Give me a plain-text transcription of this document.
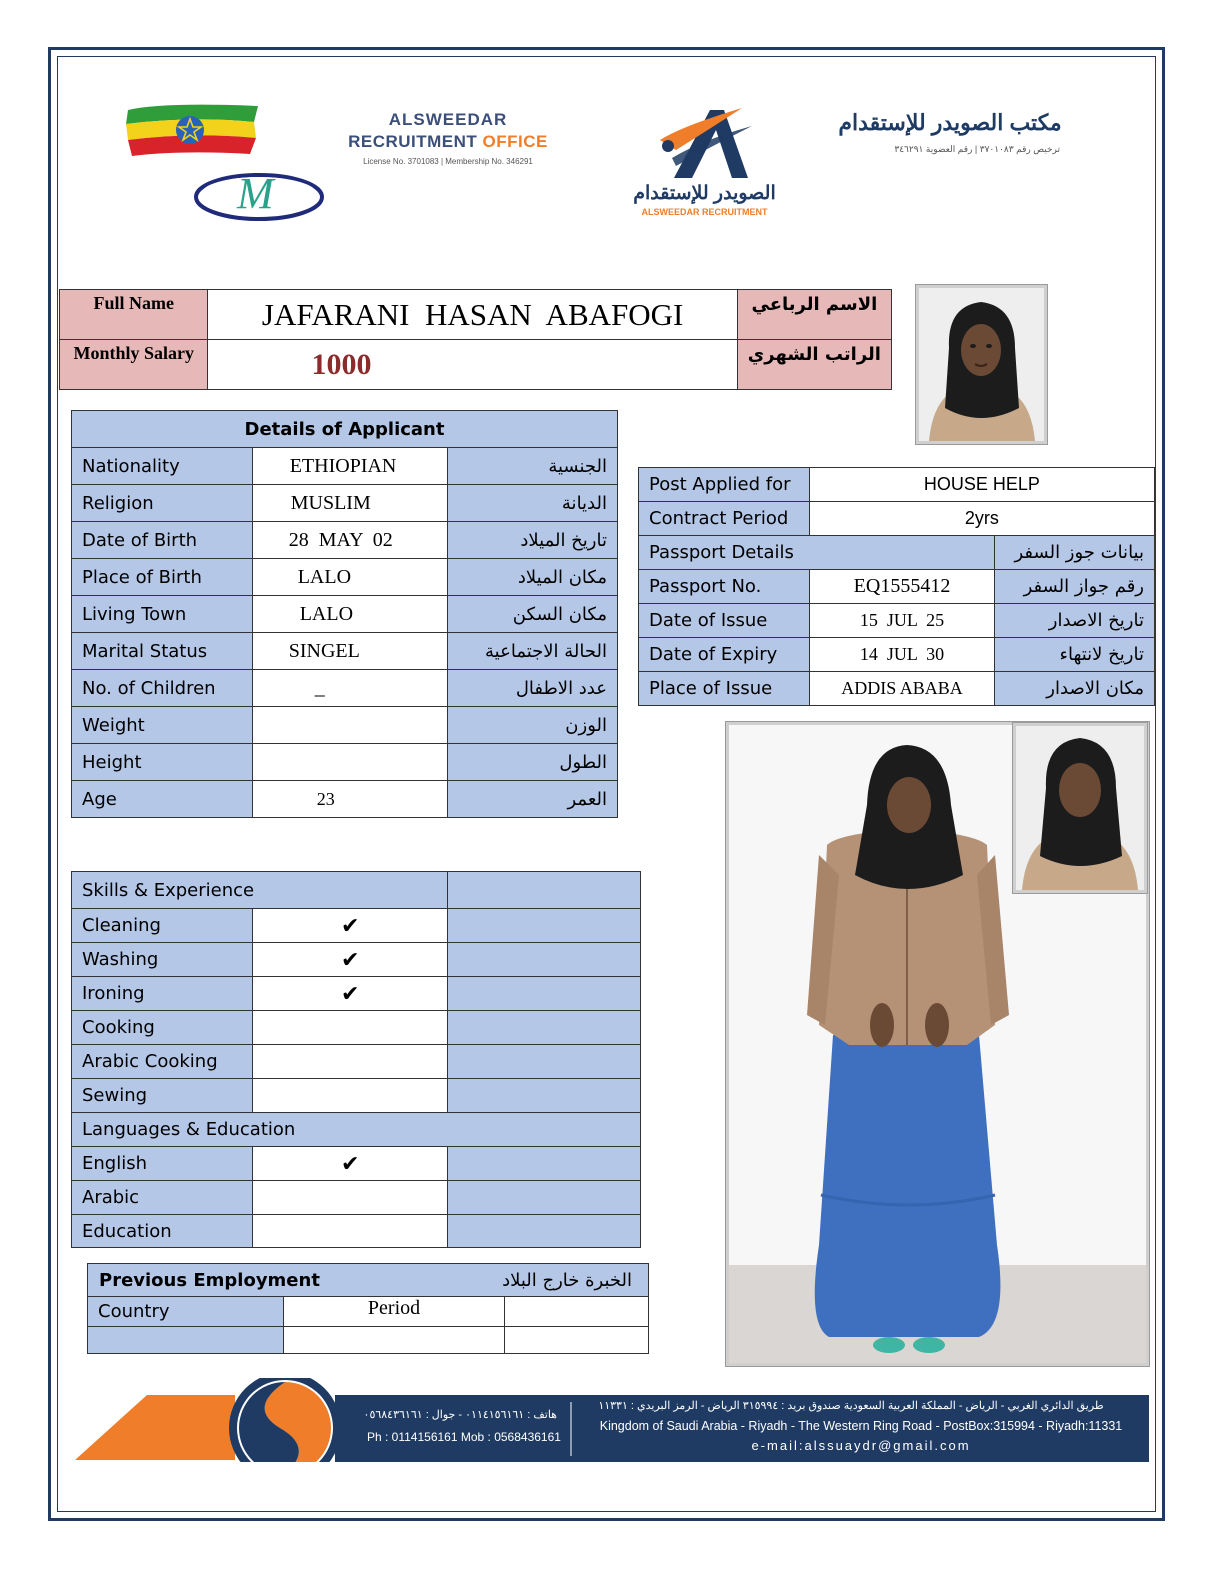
M
ALSWEEDAR
RECRUITMENT OFFICE
License No. 3701083 | Membership No. 346291
الصويدر للإستقدام
ALSWEEDAR RECRUITMENT
مكتب الصويدر للإستقدام
ترخيص رقم ٣٧٠١٠٨٣ | رقم العضوية ٣٤٦٢٩١
Full Name	JAFARANI  HASAN  ABAFOGI	الاسم الرباعي
Monthly Salary	1000	الراتب الشهري
Details of Applicant		
Nationality	ETHIOPIAN	الجنسية
Religion	MUSLIM	الديانة
Date of Birth	28  MAY  02	تاريخ الميلاد
Place of Birth	LALO	مكان الميلاد
Living Town	LALO	مكان السكن
Marital Status	SINGEL	الحالة الاجتماعية
No. of Children	_	عدد الاطفال
Weight		الوزن
Height		الطول
Age	23	العمر
Post Applied for	HOUSE HELP	
Contract Period	2yrs	
Passport Details		بيانات جوز السفر
Passport No.	EQ1555412	رقم جواز السفر
Date of Issue	15  JUL  25	تاريخ الاصدار
Date of Expiry	14  JUL  30	تاريخ لانتهاء
Place of Issue	ADDIS ABABA	مكان الاصدار
Skills & Experience		
Cleaning	✔	
Washing	✔	
Ironing	✔	
Cooking		
Arabic Cooking		
Sewing		
Languages & Education		
English	✔	
Arabic		
Education		
Previous Employment الخبرة خارج البلاد		

Country	Period	

هاتف : ٠١١٤١٥٦١٦١ - جوال : ٠٥٦٨٤٣٦١٦١
Ph : 0114156161 Mob : 0568436161
طريق الدائري الغربي - الرياض - المملكة العربية السعودية صندوق بريد : ٣١٥٩٩٤ الرياض - الرمز البريدي : ١١٣٣١
Kingdom of Saudi Arabia - Riyadh - The Western Ring Road - PostBox:315994 - Riyadh:11331
e-mail:alssuaydr@gmail.com
